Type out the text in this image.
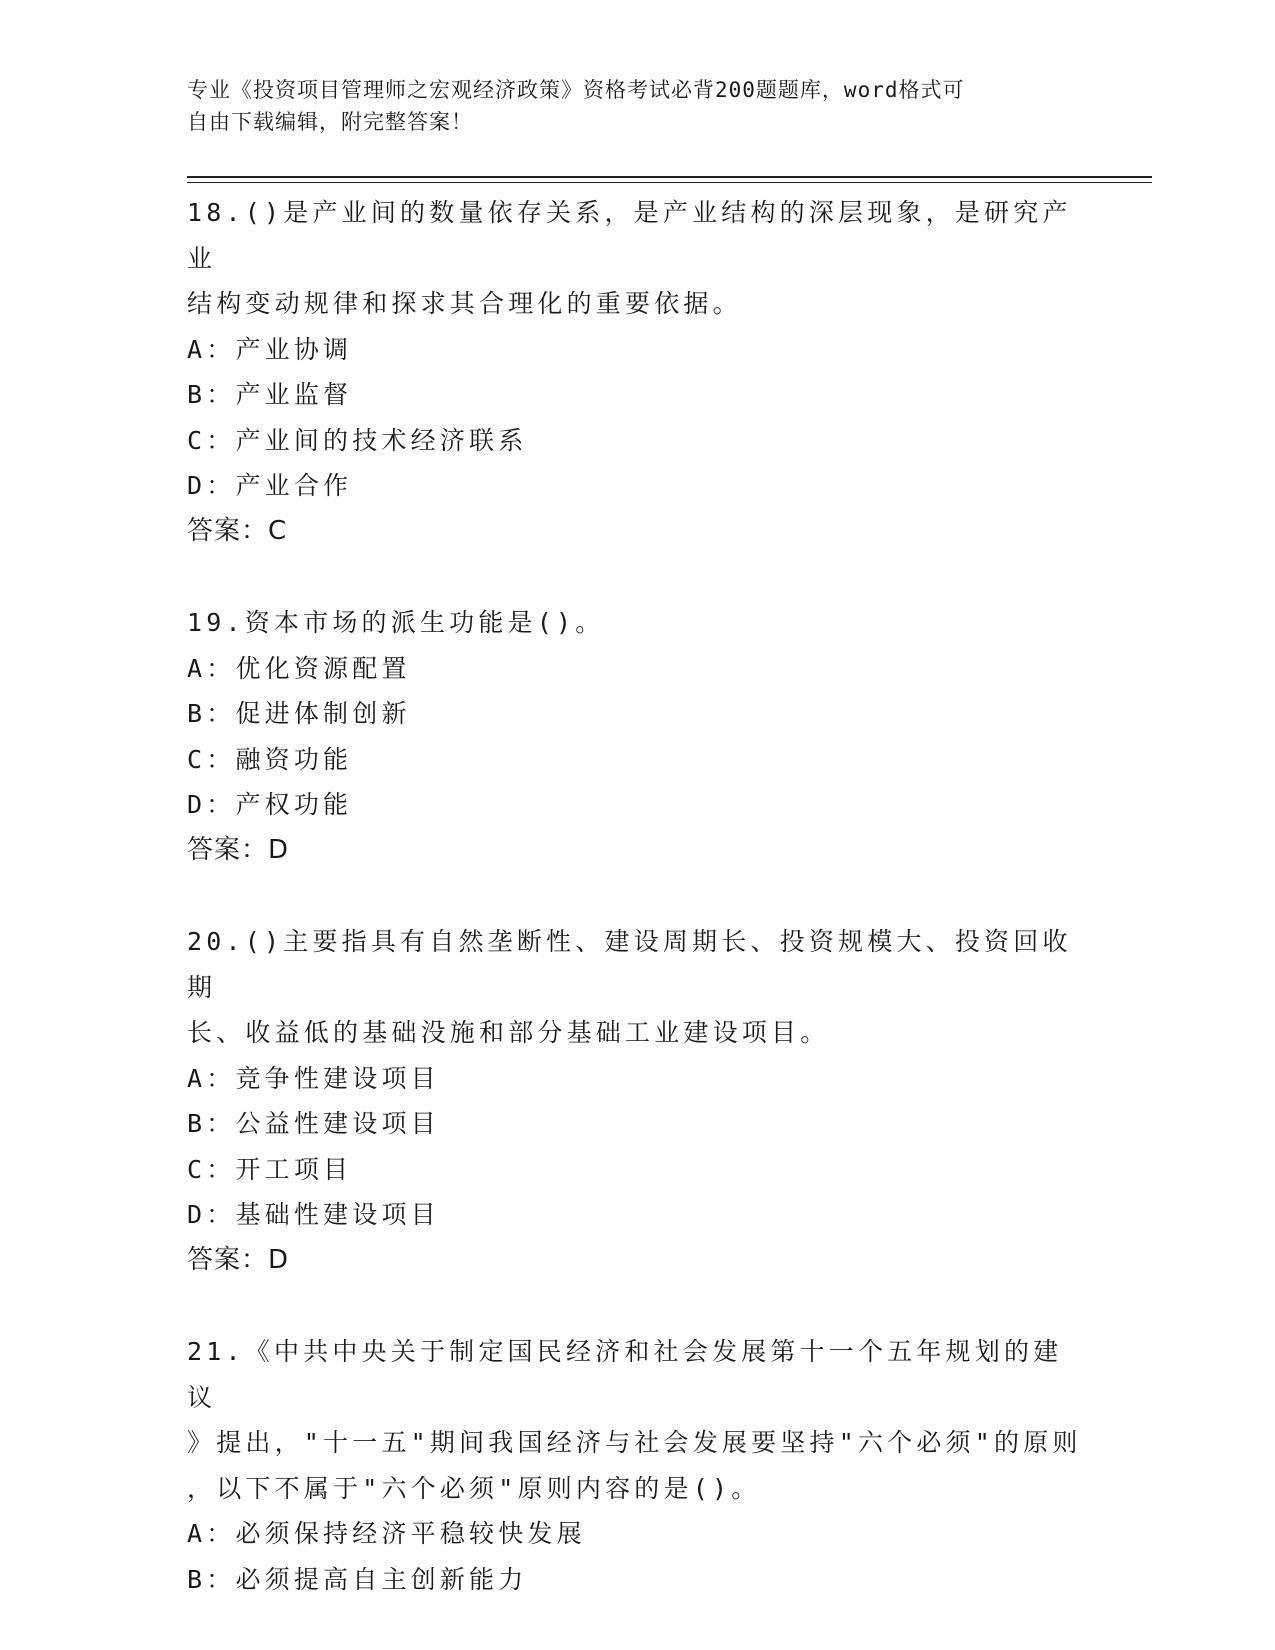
专业《投资项目管理师之宏观经济政策》资格考试必背200题题库，word格式可
自由下载编辑，附完整答案！

18.()是产业间的数量依存关系，是产业结构的深层现象，是研究产业

结构变动规律和探求其合理化的重要依据。

A：产业协调

B：产业监督

C：产业间的技术经济联系

D：产业合作

答案：C

19.资本市场的派生功能是()。

A：优化资源配置

B：促进体制创新

C：融资功能

D：产权功能

答案：D

20.()主要指具有自然垄断性、建设周期长、投资规模大、投资回收期

长、收益低的基础没施和部分基础工业建设项目。

A：竞争性建设项目

B：公益性建设项目

C：开工项目

D：基础性建设项目

答案：D

21.《中共中央关于制定国民经济和社会发展第十一个五年规划的建议

》提出，"十一五"期间我国经济与社会发展要坚持"六个必须"的原则

，以下不属于"六个必须"原则内容的是()。

A：必须保持经济平稳较快发展

B：必须提高自主创新能力
